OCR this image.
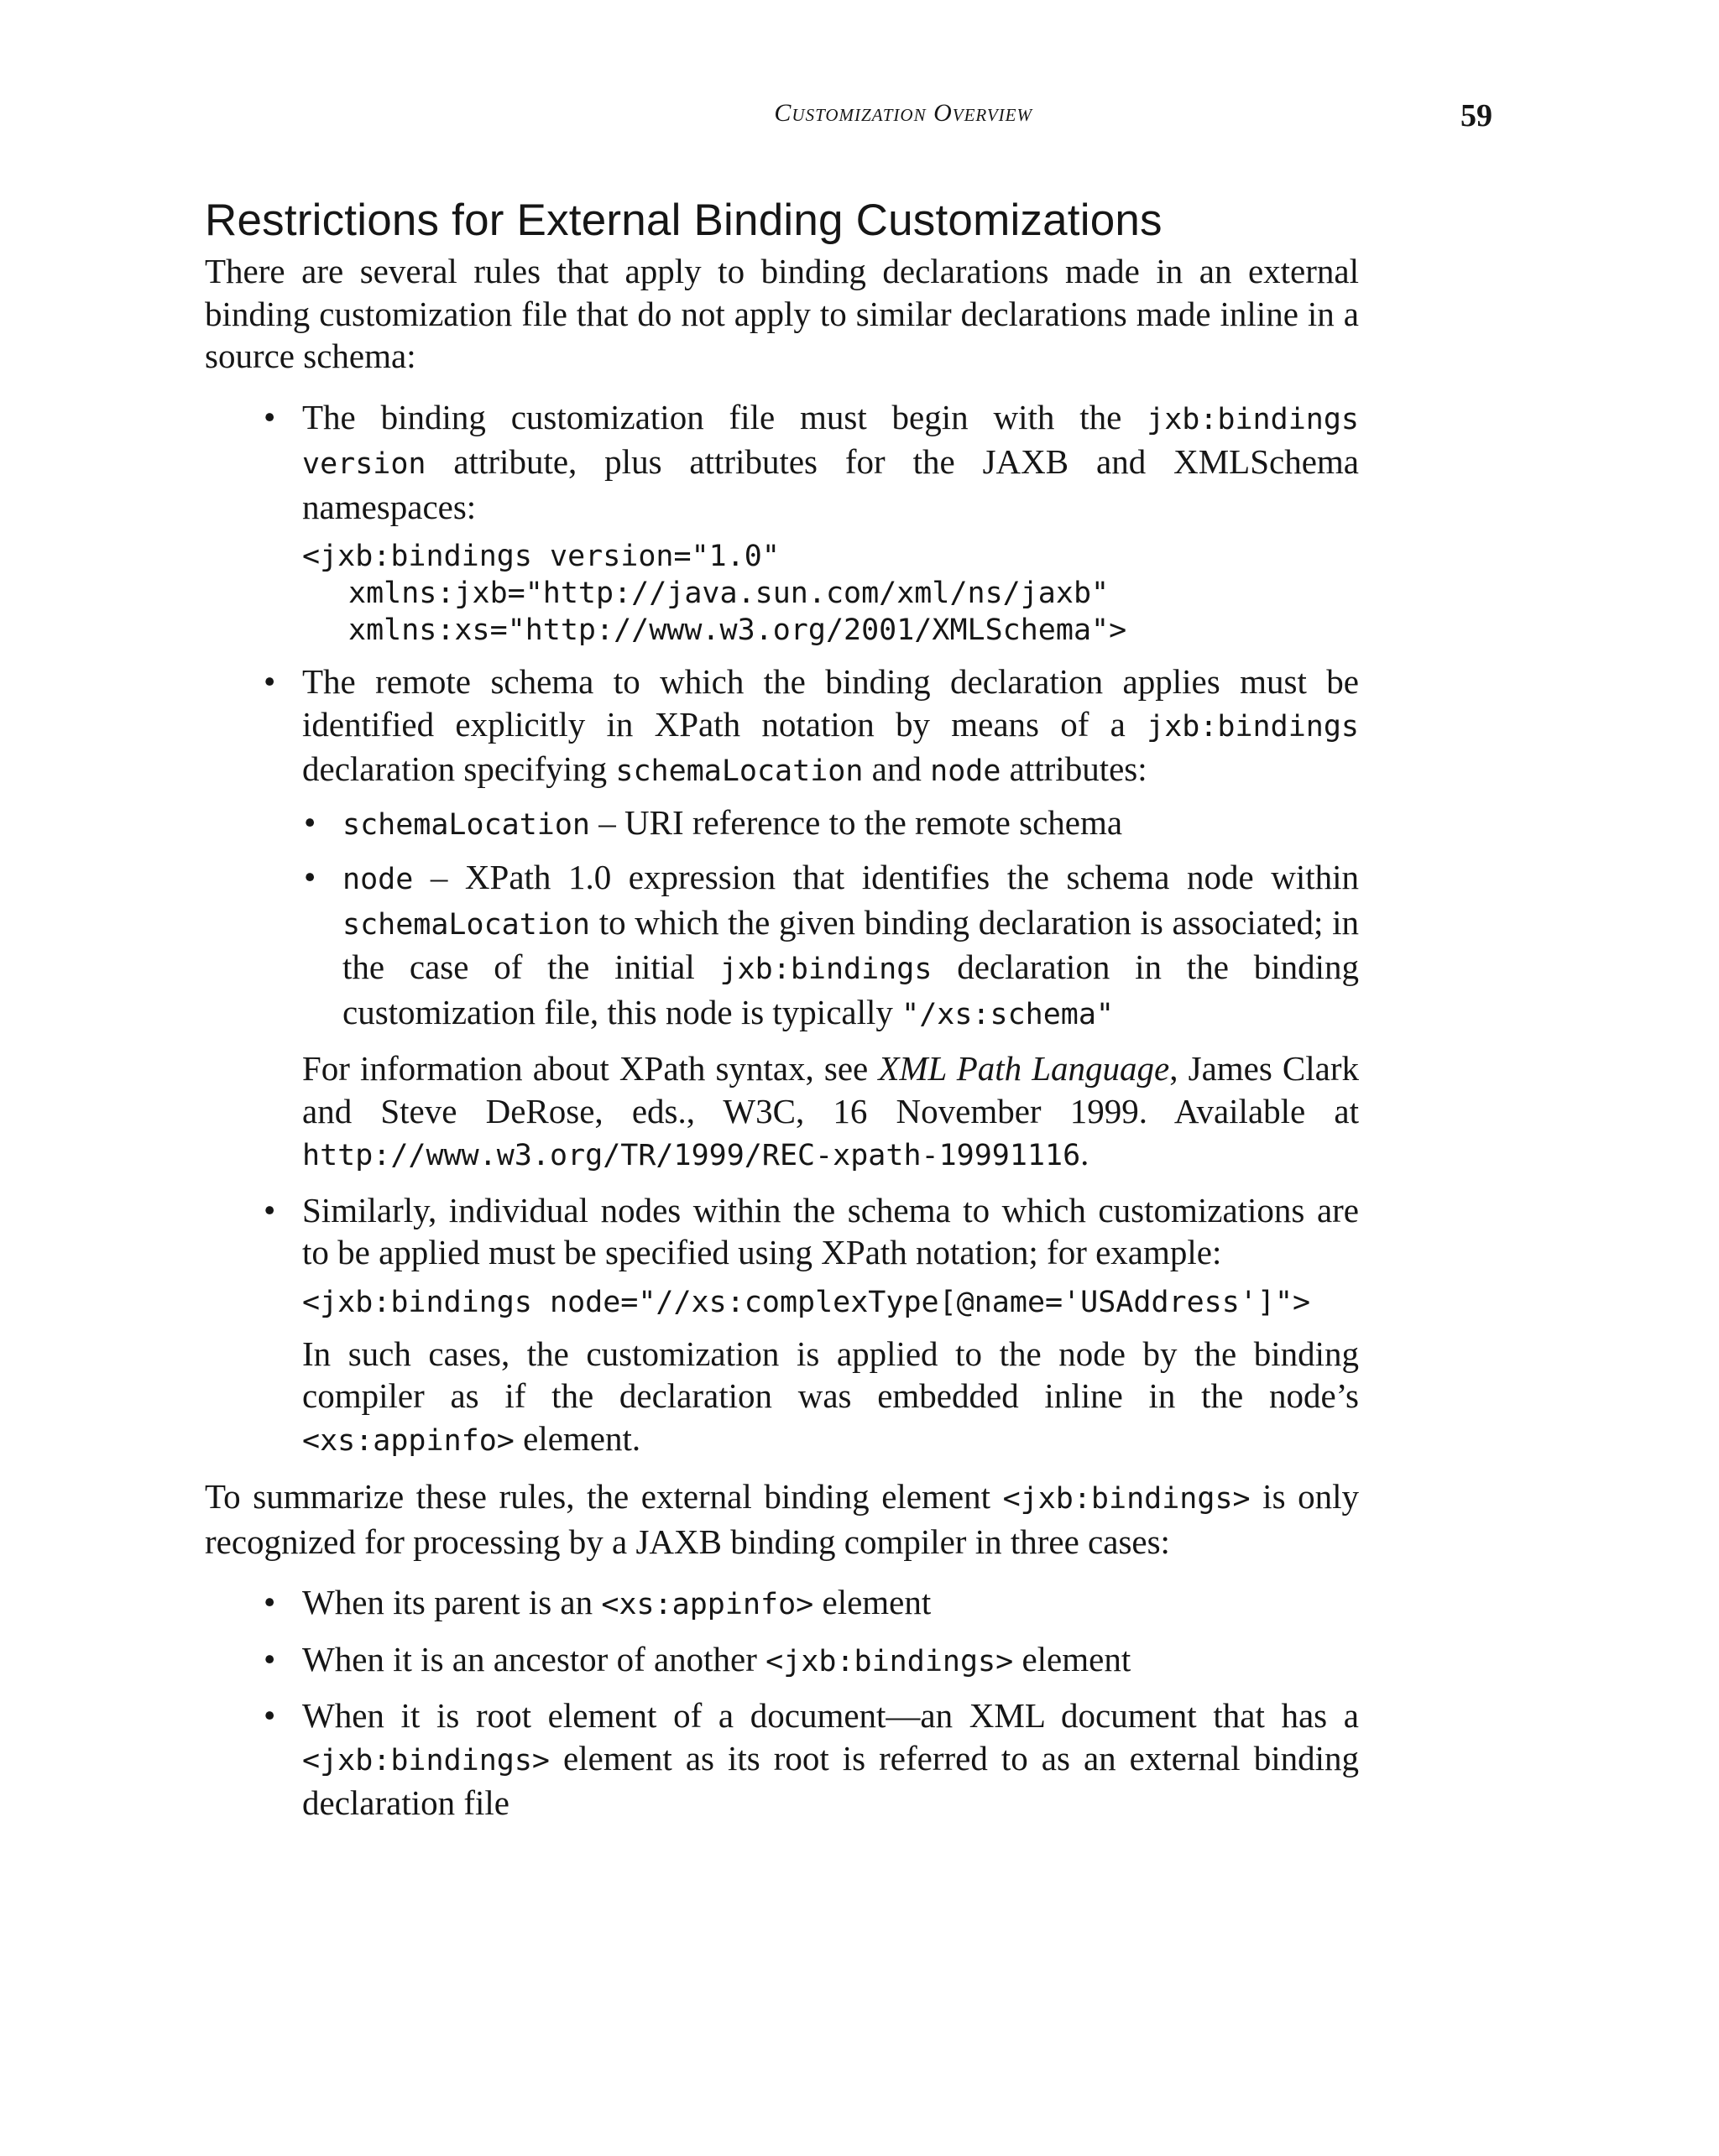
Customization Overview	59
Restrictions for External Binding Customizations

There are several rules that apply to binding declarations made in an external binding customization file that do not apply to similar declarations made inline in a source schema:

• The binding customization file must begin with the jxb:bindings version attribute, plus attributes for the JAXB and XMLSchema namespaces:

<jxb:bindings version="1.0"
xmlns:jxb="http://java.sun.com/xml/ns/jaxb"
xmlns:xs="http://www.w3.org/2001/XMLSchema">

• The remote schema to which the binding declaration applies must be identified explicitly in XPath notation by means of a jxb:bindings declaration specifying schemaLocation and node attributes:

• schemaLocation – URI reference to the remote schema
• node – XPath 1.0 expression that identifies the schema node within schemaLocation to which the given binding declaration is associated; in the case of the initial jxb:bindings declaration in the binding customization file, this node is typically "/xs:schema"

For information about XPath syntax, see XML Path Language, James Clark and Steve DeRose, eds., W3C, 16 November 1999. Available at http://www.w3.org/TR/1999/REC-xpath-19991116.

• Similarly, individual nodes within the schema to which customizations are to be applied must be specified using XPath notation; for example:

<jxb:bindings node="//xs:complexType[@name='USAddress']">

In such cases, the customization is applied to the node by the binding compiler as if the declaration was embedded inline in the node’s <xs:appinfo> element.

To summarize these rules, the external binding element <jxb:bindings> is only recognized for processing by a JAXB binding compiler in three cases:

• When its parent is an <xs:appinfo> element

• When it is an ancestor of another <jxb:bindings> element

• When it is root element of a document—an XML document that has a <jxb:bindings> element as its root is referred to as an external binding declaration file
